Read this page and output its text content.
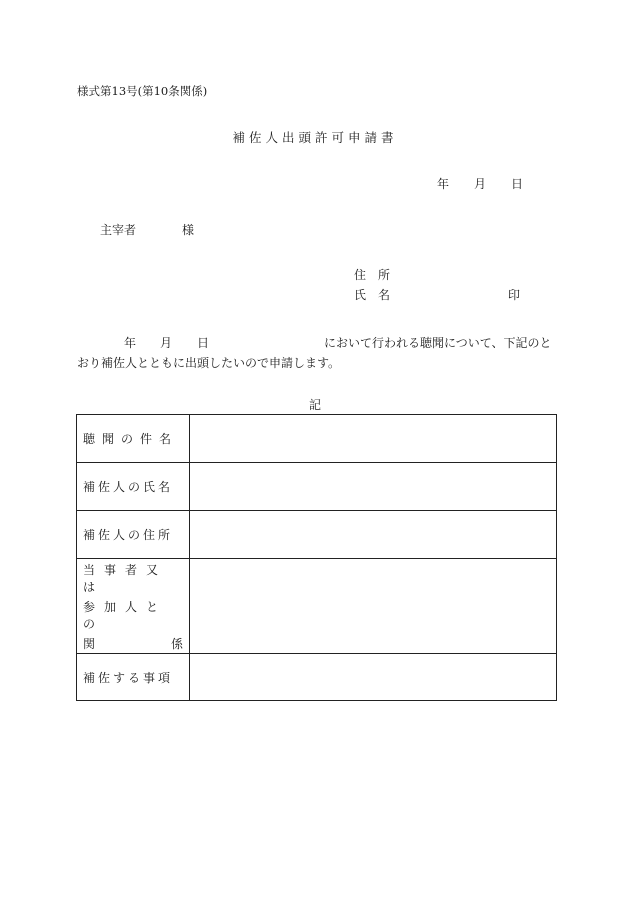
様式第13号(第10条関係)
補佐人出頭許可申請書
年	月	日
主宰者	様
住　所
氏　名	印
年 月 日	において行われる聴聞について、下記のと
おり補佐人とともに出頭したいので申請します。
記
聴聞の件名	

補佐人の氏名	
補佐人の住所	

当事者又は
参加人との
関 係	

補佐する事項	
